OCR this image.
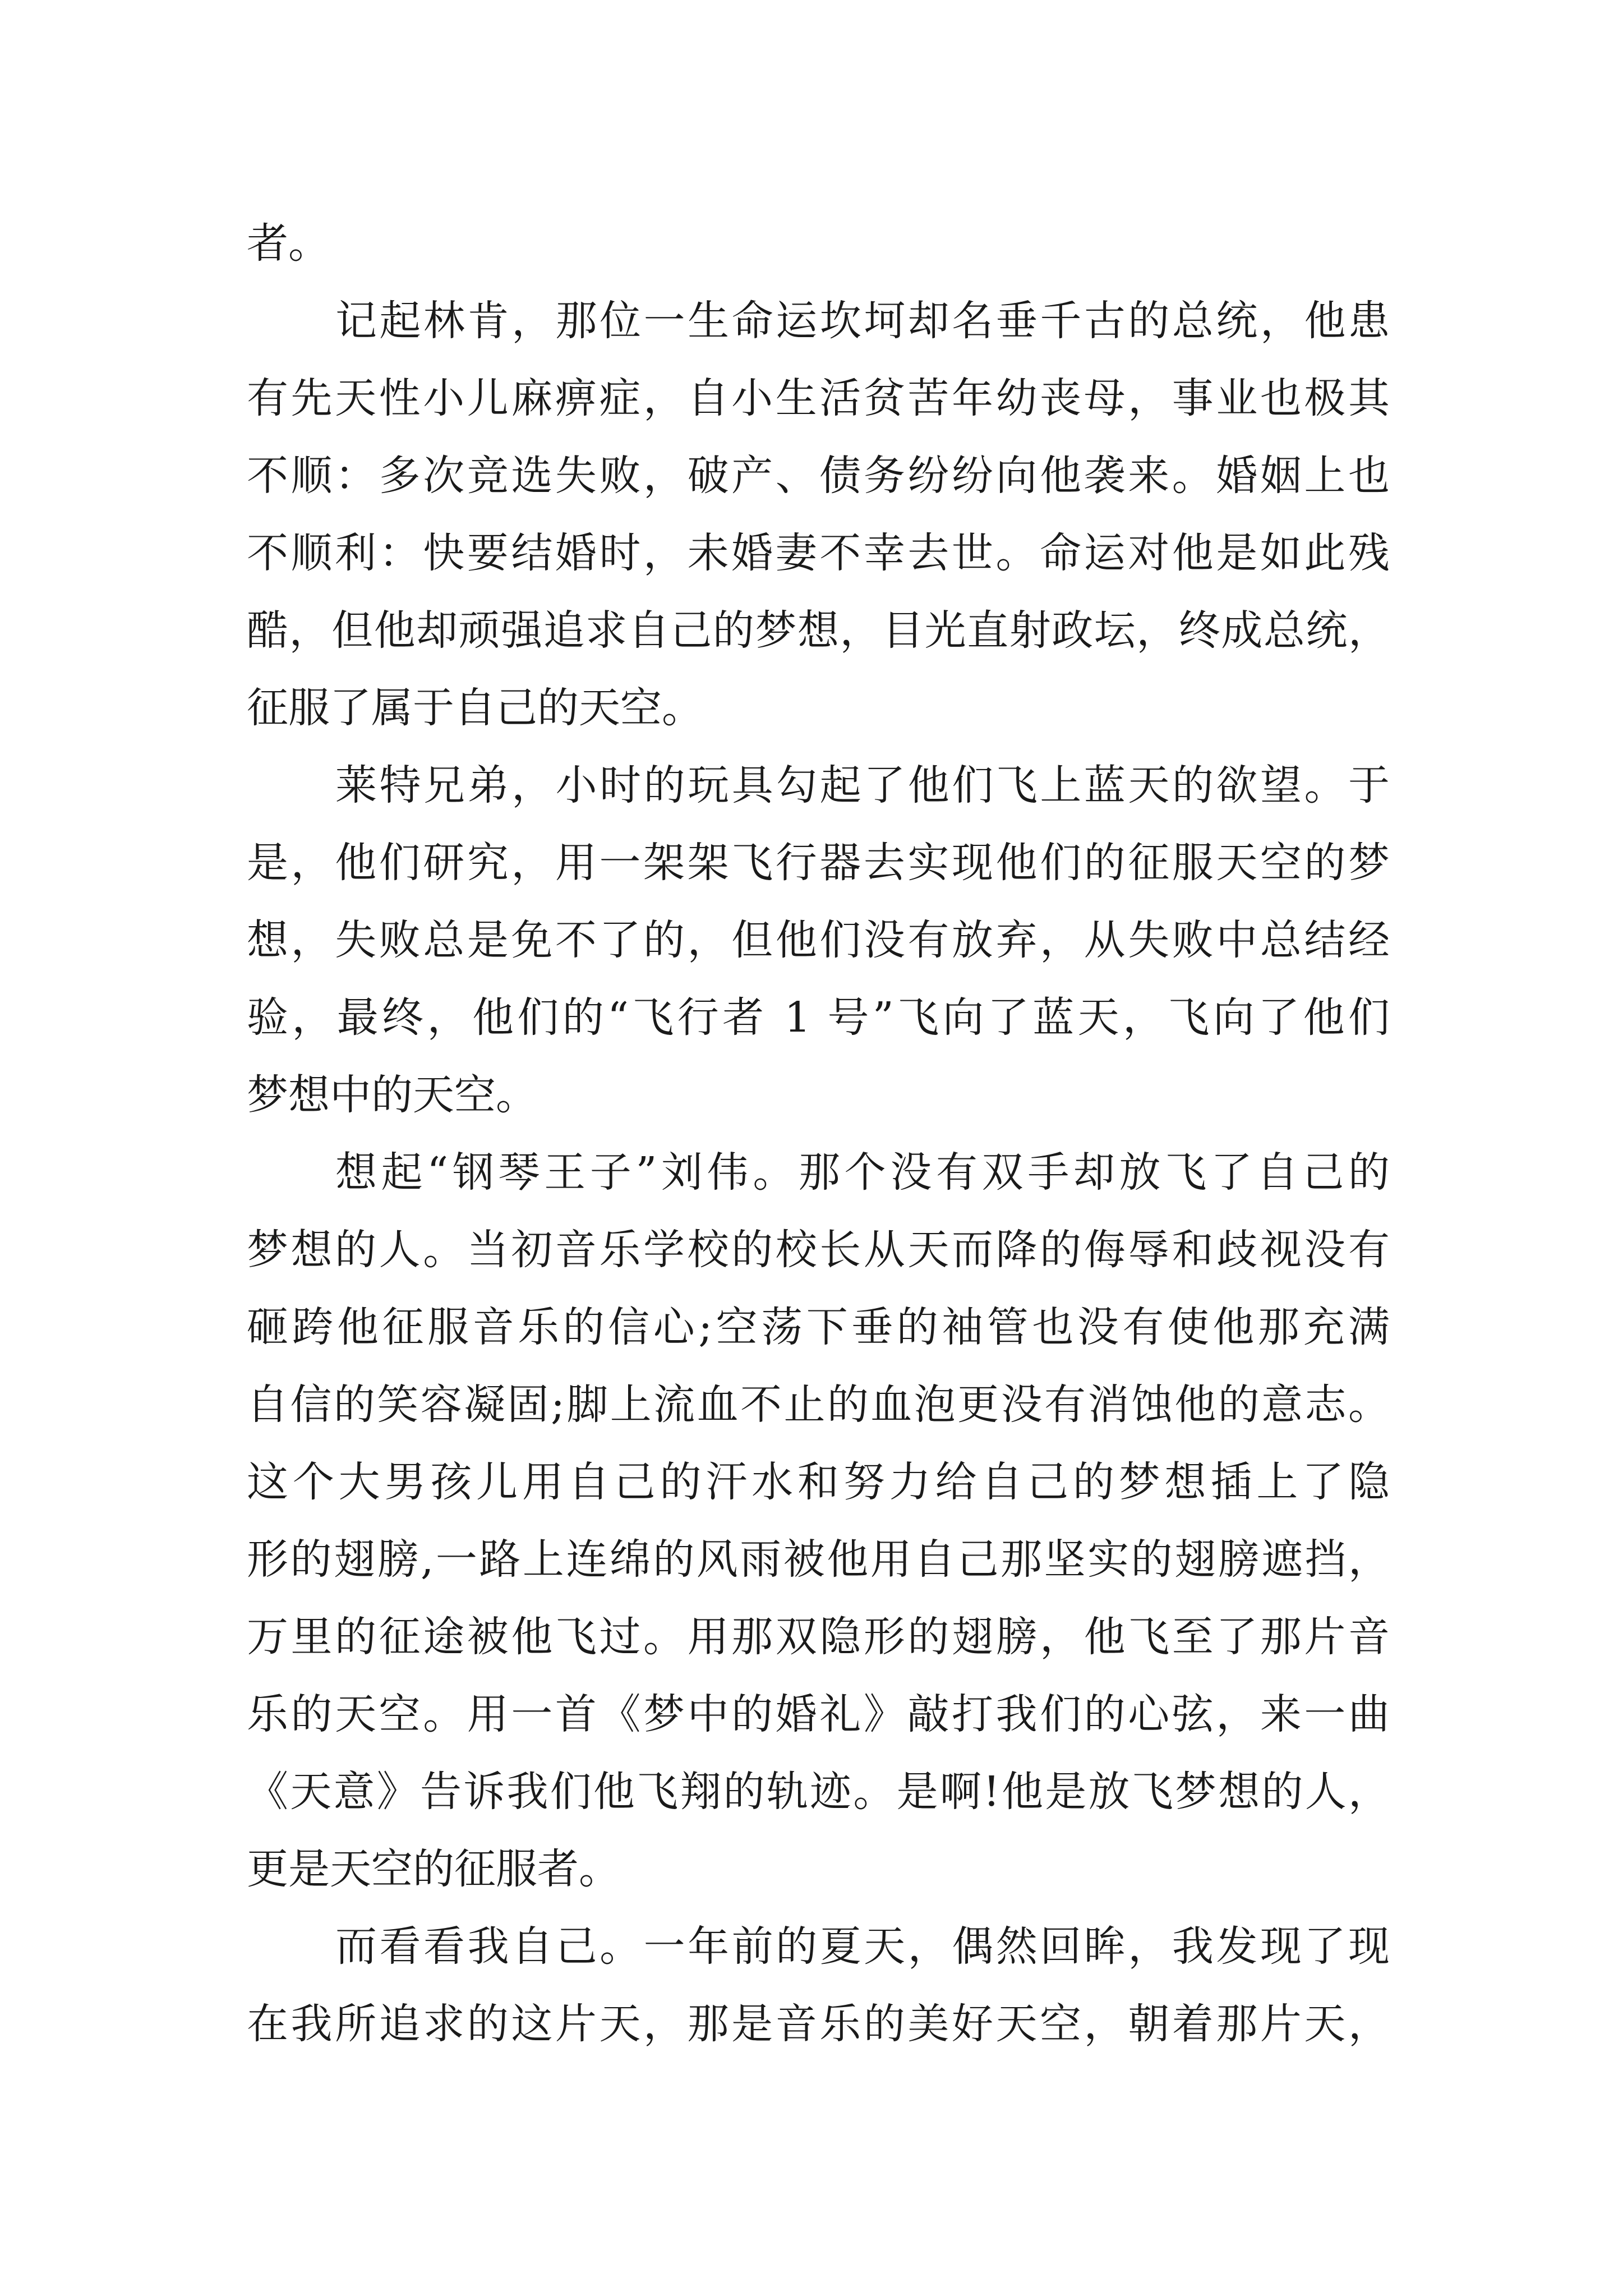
者。
记起林肯，那位一生命运坎坷却名垂千古的总统，他患
有先天性小儿麻痹症，自小生活贫苦年幼丧母，事业也极其
不顺：多次竞选失败，破产、债务纷纷向他袭来。婚姻上也
不顺利：快要结婚时，未婚妻不幸去世。命运对他是如此残
酷，但他却顽强追求自己的梦想，目光直射政坛，终成总统，
征服了属于自己的天空。
莱特兄弟，小时的玩具勾起了他们飞上蓝天的欲望。于
是，他们研究，用一架架飞行器去实现他们的征服天空的梦
想，失败总是免不了的，但他们没有放弃，从失败中总结经
验，最终，他们的“飞行者 1 号”飞向了蓝天，飞向了他们
梦想中的天空。
想起“钢琴王子”刘伟。那个没有双手却放飞了自己的
梦想的人。当初音乐学校的校长从天而降的侮辱和歧视没有
砸跨他征服音乐的信心;空荡下垂的袖管也没有使他那充满
自信的笑容凝固;脚上流血不止的血泡更没有消蚀他的意志。
这个大男孩儿用自己的汗水和努力给自己的梦想插上了隐
形的翅膀,一路上连绵的风雨被他用自己那坚实的翅膀遮挡，
万里的征途被他飞过。用那双隐形的翅膀，他飞至了那片音
乐的天空。用一首《梦中的婚礼》敲打我们的心弦，来一曲
《天意》告诉我们他飞翔的轨迹。是啊!他是放飞梦想的人，
更是天空的征服者。
而看看我自己。一年前的夏天，偶然回眸，我发现了现
在我所追求的这片天，那是音乐的美好天空，朝着那片天，
